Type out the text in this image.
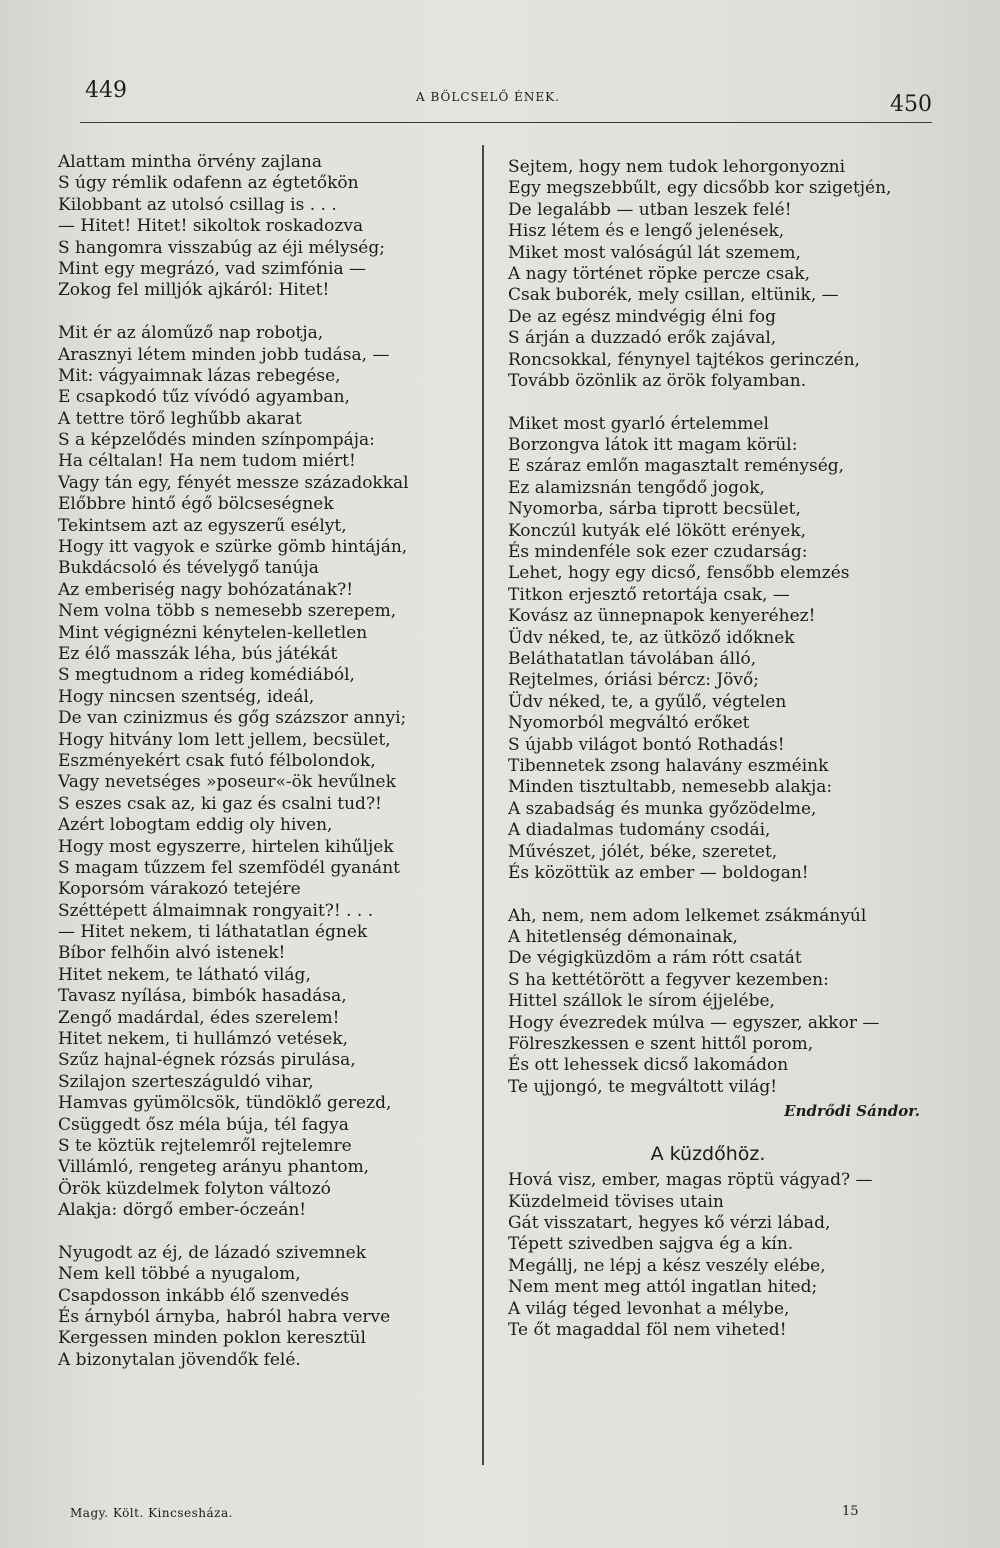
449	A BÖLCSELŐ ÉNEK.	450
Alattam mintha örvény zajlana
S úgy rémlik odafenn az égtetőkön
Kilobbant az utolsó csillag is . . .
— Hitet! Hitet! sikoltok roskadozva
S hangomra visszabúg az éji mélység;
Mint egy megrázó, vad szimfónia —
Zokog fel milljók ajkáról: Hitet!
Mit ér az áloműző nap robotja,
Arasznyi létem minden jobb tudása, —
Mit: vágyaimnak lázas rebegése,
E csapkodó tűz vívódó agyamban,
A tettre törő leghűbb akarat
S a képzelődés minden színpompája:
Ha céltalan! Ha nem tudom miért!
Vagy tán egy, fényét messze századokkal
Előbbre hintő égő bölcseségnek
Tekintsem azt az egyszerű esélyt,
Hogy itt vagyok e szürke gömb hintáján,
Bukdácsoló és tévelygő tanúja
Az emberiség nagy bohózatának?!
Nem volna több s nemesebb szerepem,
Mint végignézni kénytelen-kelletlen
Ez élő masszák léha, bús játékát
S megtudnom a rideg komédiából,
Hogy nincsen szentség, ideál,
De van czinizmus és gőg százszor annyi;
Hogy hitvány lom lett jellem, becsület,
Eszményekért csak futó félbolondok,
Vagy nevetséges »poseur«-ök hevűlnek
S eszes csak az, ki gaz és csalni tud?!
Azért lobogtam eddig oly hiven,
Hogy most egyszerre, hirtelen kihűljek
S magam tűzzem fel szemfödél gyanánt
Koporsóm várakozó tetejére
Széttépett álmaimnak rongyait?! . . .
— Hitet nekem, ti láthatatlan égnek
Bíbor felhőin alvó istenek!
Hitet nekem, te látható világ,
Tavasz nyílása, bimbók hasadása,
Zengő madárdal, édes szerelem!
Hitet nekem, ti hullámzó vetések,
Szűz hajnal-égnek rózsás pirulása,
Szilajon szerteszáguldó vihar,
Hamvas gyümölcsök, tündöklő gerezd,
Csüggedt ősz méla búja, tél fagya
S te köztük rejtelemről rejtelemre
Villámló, rengeteg arányu phantom,
Örök küzdelmek folyton változó
Alakja: dörgő ember-óczeán!
Nyugodt az éj, de lázadó szivemnek
Nem kell többé a nyugalom,
Csapdosson inkább élő szenvedés
És árnyból árnyba, habról habra verve
Kergessen minden poklon keresztül
A bizonytalan jövendők felé.
Sejtem, hogy nem tudok lehorgonyozni
Egy megszebbűlt, egy dicsőbb kor szigetjén,
De legalább — utban leszek felé!
Hisz létem és e lengő jelenések,
Miket most valóságúl lát szemem,
A nagy történet röpke percze csak,
Csak buborék, mely csillan, eltünik, —
De az egész mindvégig élni fog
S árján a duzzadó erők zajával,
Roncsokkal, fénynyel tajtékos gerinczén,
Tovább özönlik az örök folyamban.
Miket most gyarló értelemmel
Borzongva látok itt magam körül:
E száraz emlőn magasztalt reménység,
Ez alamizsnán tengődő jogok,
Nyomorba, sárba tiprott becsület,
Konczúl kutyák elé lökött erények,
És mindenféle sok ezer czudarság:
Lehet, hogy egy dicső, fensőbb elemzés
Titkon erjesztő retortája csak, —
Kovász az ünnepnapok kenyeréhez!
Üdv néked, te, az ütköző időknek
Beláthatatlan távolában álló,
Rejtelmes, óriási bércz: Jövő;
Üdv néked, te, a gyűlő, végtelen
Nyomorból megváltó erőket
S újabb világot bontó Rothadás!
Tibennetek zsong halavány eszméink
Minden tisztultabb, nemesebb alakja:
A szabadság és munka győzödelme,
A diadalmas tudomány csodái,
Művészet, jólét, béke, szeretet,
És közöttük az ember — boldogan!
Ah, nem, nem adom lelkemet zsákmányúl
A hitetlenség démonainak,
De végigküzdöm a rám rótt csatát
S ha kettétörött a fegyver kezemben:
Hittel szállok le sírom éjjelébe,
Hogy évezredek múlva — egyszer, akkor —
Fölreszkessen e szent hittől porom,
És ott lehessek dicső lakomádon
Te ujjongó, te megváltott világ!
Endrődi Sándor.
A küzdőhöz.
Hová visz, ember, magas röptü vágyad? —
Küzdelmeid tövises utain
Gát visszatart, hegyes kő vérzi lábad,
Tépett szivedben sajgva ég a kín.
Megállj, ne lépj a kész veszély elébe,
Nem ment meg attól ingatlan hited;
A világ téged levonhat a mélybe,
Te őt magaddal föl nem viheted!
Magy. Költ. Kincsesháza.	15
